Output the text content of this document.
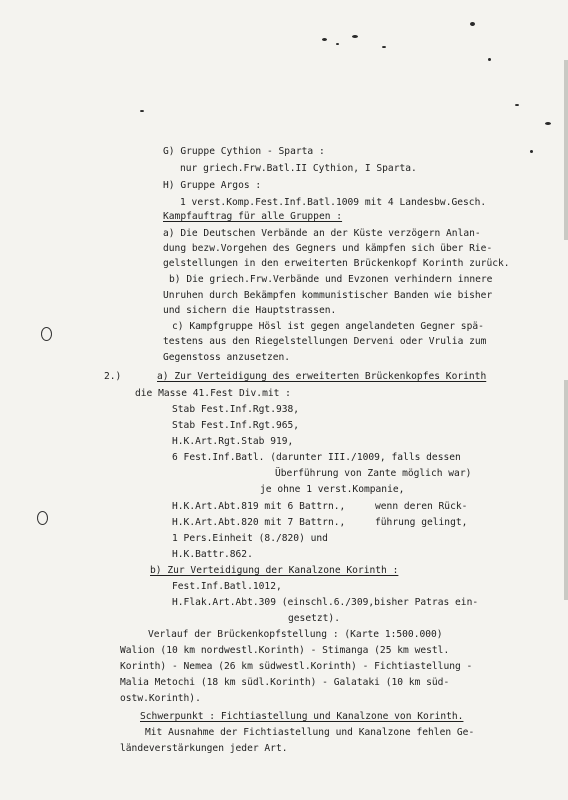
G) Gruppe Cythion - Sparta :
nur griech.Frw.Batl.II Cythion, I Sparta.
H) Gruppe Argos :
1 verst.Komp.Fest.Inf.Batl.1009 mit 4 Landesbw.Gesch.
Kampfauftrag für alle Gruppen :
a) Die Deutschen Verbände an der Küste verzögern Anlan-
dung bezw.Vorgehen des Gegners und kämpfen sich über Rie-
gelstellungen in den erweiterten Brückenkopf Korinth zurück.
b) Die griech.Frw.Verbände und Evzonen verhindern innere
Unruhen durch Bekämpfen kommunistischer Banden wie bisher
und sichern die Hauptstrassen.
c) Kampfgruppe Hösl ist gegen angelandeten Gegner spä-
testens aus den Riegelstellungen Derveni oder Vrulia zum
Gegenstoss anzusetzen.
2.)	a) Zur Verteidigung des erweiterten Brückenkopfes Korinth
die Masse 41.Fest Div.mit :
Stab Fest.Inf.Rgt.938,
Stab Fest.Inf.Rgt.965,
H.K.Art.Rgt.Stab 919,
6 Fest.Inf.Batl. (darunter III./1009, falls dessen
Überführung von Zante möglich war)
je ohne 1 verst.Kompanie,
H.K.Art.Abt.819 mit 6 Battrn.,	wenn deren Rück-
H.K.Art.Abt.820 mit 7 Battrn.,	führung gelingt,
1 Pers.Einheit (8./820) und
H.K.Battr.862.
b) Zur Verteidigung der Kanalzone Korinth :
Fest.Inf.Batl.1012,
H.Flak.Art.Abt.309 (einschl.6./309,bisher Patras ein-
gesetzt).
Verlauf der Brückenkopfstellung : (Karte 1:500.000)
Walion (10 km nordwestl.Korinth) - Stimanga (25 km westl.
Korinth) - Nemea (26 km südwestl.Korinth) - Fichtiastellung -
Malia Metochi (18 km südl.Korinth) - Galataki (10 km süd-
ostw.Korinth).
Schwerpunkt : Fichtiastellung und Kanalzone von Korinth.
Mit Ausnahme der Fichtiastellung und Kanalzone fehlen Ge-
ländeverstärkungen jeder Art.
